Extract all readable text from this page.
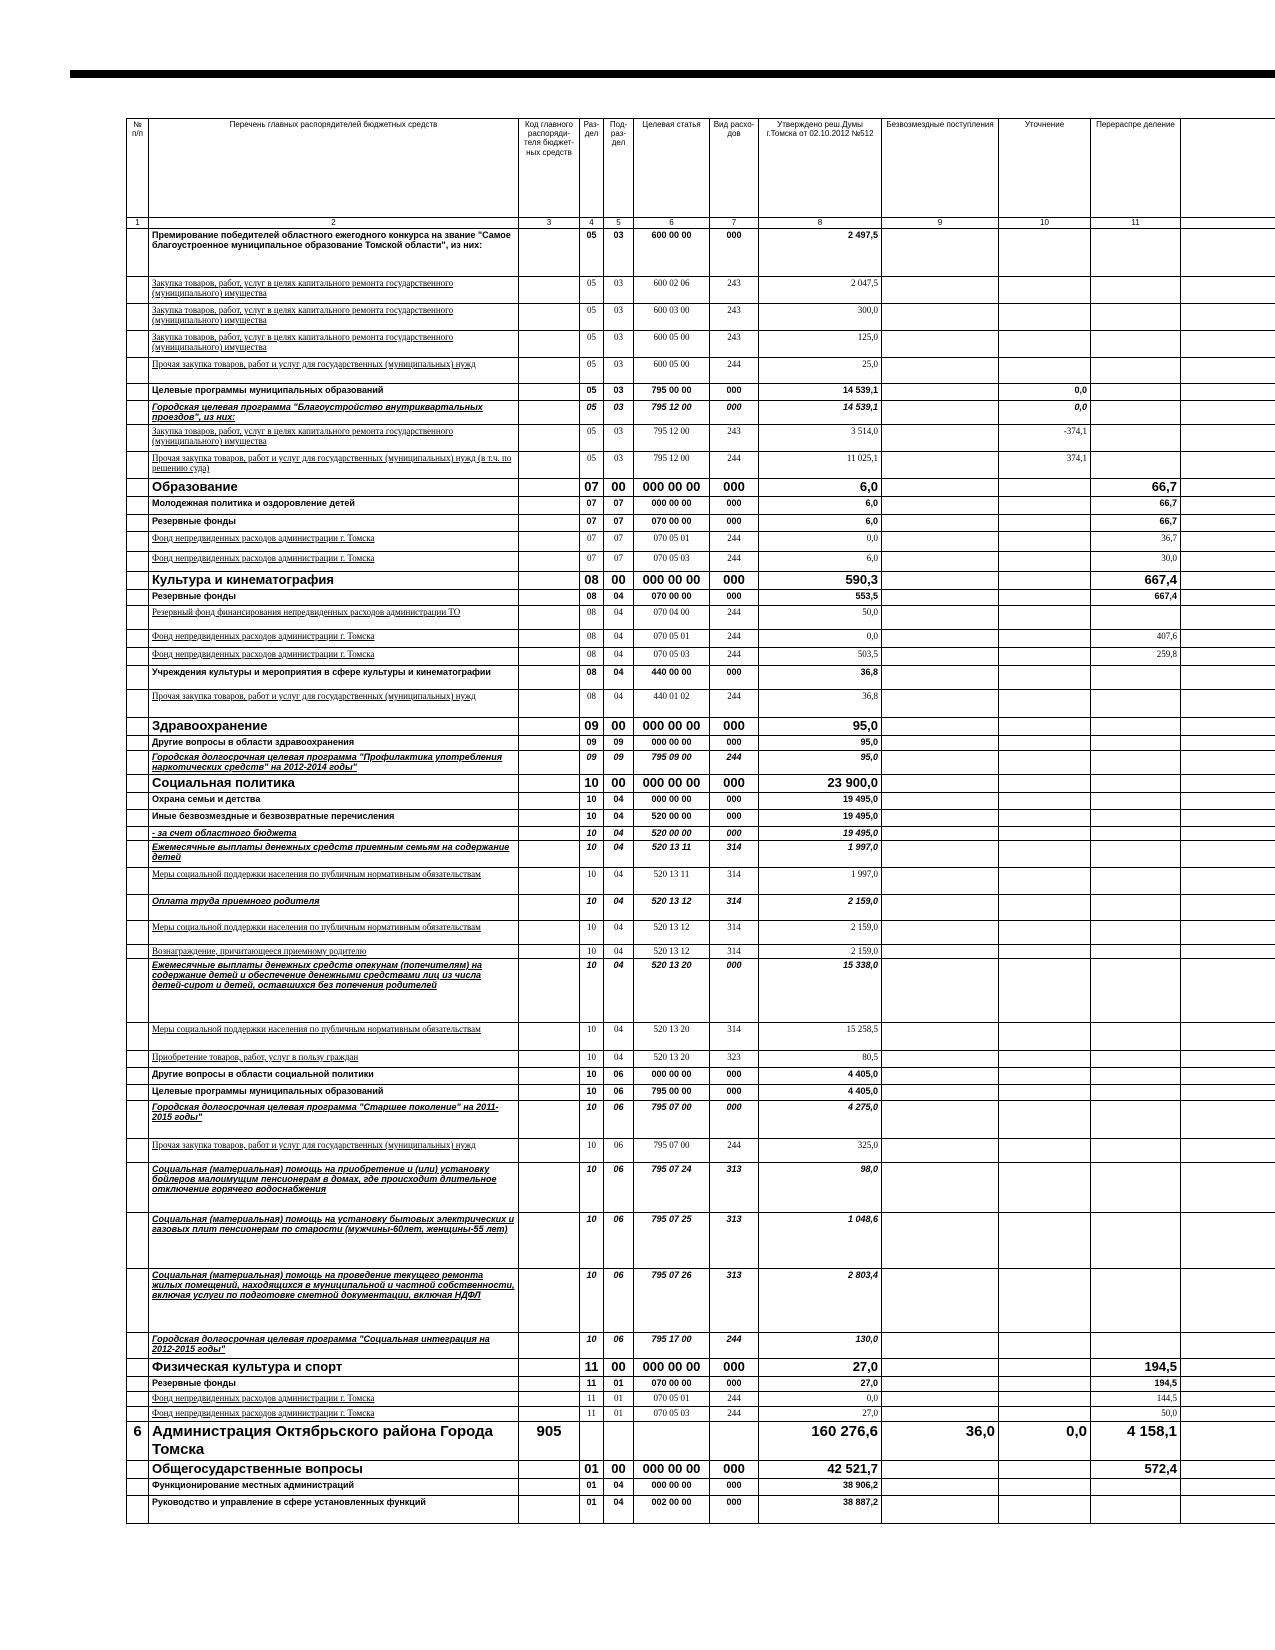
№ п/п	Перечень главных распорядителей бюджетных средств	Код главного распоряди-теля бюджет-ных средств	Раз-дел	Под-раз-дел	Целевая статья	Вид расхо-дов	Утверждено реш.Думы г.Томска от 02.10.2012 №512	Безвозмездные поступления	Уточнение	Перераспре деление	
1	2	3	4	5	6	7	8	9	10	11	
	Премирование победителей областного ежегодного конкурса на звание "Самое благоустроенное муниципальное образование Томской области", из них:		05	03	600 00 00	000	2 497,5				
	Закупка товаров, работ, услуг в целях капитального ремонта государственного (муниципального) имущества		05	03	600 02 06	243	2 047,5				
	Закупка товаров, работ, услуг в целях капитального ремонта государственного (муниципального) имущества		05	03	600 03 00	243	300,0				
	Закупка товаров, работ, услуг в целях капитального ремонта государственного (муниципального) имущества		05	03	600 05 00	243	125,0				
	Прочая закупка товаров, работ и услуг для государственных (муниципальных) нужд		05	03	600 05 00	244	25,0				
	Целевые программы муниципальных образований		05	03	795 00 00	000	14 539,1		0,0		
	Городская целевая программа "Благоустройство внутриквартальных проездов", из них:		05	03	795 12 00	000	14 539,1		0,0		
	Закупка товаров, работ, услуг в целях капитального ремонта государственного (муниципального) имущества		05	03	795 12 00	243	3 514,0		-374,1		
	Прочая закупка товаров, работ и услуг для государственных (муниципальных) нужд (в т.ч. по решению суда)		05	03	795 12 00	244	11 025,1		374,1		
	Образование		07	00	000 00 00	000	6,0			66,7	
	Молодежная политика и оздоровление детей		07	07	000 00 00	000	6,0			66,7	
	Резервные фонды		07	07	070 00 00	000	6,0			66,7	
	Фонд непредвиденных расходов администрации г. Томска		07	07	070 05 01	244	0,0			36,7	
	Фонд непредвиденных расходов администрации г. Томска		07	07	070 05 03	244	6,0			30,0	
	Культура и кинематография		08	00	000 00 00	000	590,3			667,4	
	Резервные фонды		08	04	070 00 00	000	553,5			667,4	
	Резервный фонд финансирования непредвиденных расходов администрации ТО		08	04	070 04 00	244	50,0				
	Фонд непредвиденных расходов администрации г. Томска		08	04	070 05 01	244	0,0			407,6	
	Фонд непредвиденных расходов администрации г. Томска		08	04	070 05 03	244	503,5			259,8	
	Учреждения культуры и мероприятия в сфере культуры и кинематографии		08	04	440 00 00	000	36,8				
	Прочая закупка товаров, работ и услуг для государственных (муниципальных) нужд		08	04	440 01 02	244	36,8				
	Здравоохранение		09	00	000 00 00	000	95,0				
	Другие вопросы в области здравоохранения		09	09	000 00 00	000	95,0				
	Городская долгосрочная целевая программа "Профилактика употребления наркотических средств" на 2012-2014 годы"		09	09	795 09 00	244	95,0				
	Социальная политика		10	00	000 00 00	000	23 900,0				
	Охрана семьи и детства		10	04	000 00 00	000	19 495,0				
	Иные безвозмездные и безвозвратные перечисления		10	04	520 00 00	000	19 495,0				
	- за счет областного бюджета		10	04	520 00 00	000	19 495,0				
	Ежемесячные выплаты денежных средств приемным семьям на содержание детей		10	04	520 13 11	314	1 997,0				
	Меры социальной поддержки населения по публичным нормативным обязательствам		10	04	520 13 11	314	1 997,0				
	Оплата труда приемного родителя		10	04	520 13 12	314	2 159,0				
	Меры социальной поддержки населения по публичным нормативным обязательствам		10	04	520 13 12	314	2 159,0				
	Вознаграждение, причитающееся приемному родителю		10	04	520 13 12	314	2 159,0				
	Ежемесячные выплаты денежных средств опекунам (попечителям) на содержание детей и обеспечение денежными средствами лиц из числа детей-сирот и детей, оставшихся без попечения родителей		10	04	520 13 20	000	15 338,0				
	Меры социальной поддержки населения по публичным нормативным обязательствам		10	04	520 13 20	314	15 258,5				
	Приобретение товаров, работ, услуг в пользу граждан		10	04	520 13 20	323	80,5				
	Другие вопросы в области социальной политики		10	06	000 00 00	000	4 405,0				
	Целевые программы муниципальных образований		10	06	795 00 00	000	4 405,0				
	Городская долгосрочная целевая программа "Старшее поколение" на 2011-2015 годы"		10	06	795 07 00	000	4 275,0				
	Прочая закупка товаров, работ и услуг для государственных (муниципальных) нужд		10	06	795 07 00	244	325,0				
	Социальная (материальная) помощь на приобретение и (или) установку бойлеров малоимущим пенсионерам в домах, где происходит длительное отключение горячего водоснабжения		10	06	795 07 24	313	98,0				
	Социальная (материальная) помощь на установку бытовых электрических и газовых плит пенсионерам по старости (мужчины-60лет, женщины-55 лет)		10	06	795 07 25	313	1 048,6				
	Социальная (материальная) помощь на проведение текущего ремонта жилых помещений, находящихся в муниципальной и частной собственности, включая услуги по подготовке сметной документации, включая НДФЛ		10	06	795 07 26	313	2 803,4				
	Городская долгосрочная целевая программа "Социальная интеграция на 2012-2015 годы"		10	06	795 17 00	244	130,0				
	Физическая культура и спорт		11	00	000 00 00	000	27,0			194,5	
	Резервные фонды		11	01	070 00 00	000	27,0			194,5	
	Фонд непредвиденных расходов администрации г. Томска		11	01	070 05 01	244	0,0			144,5	
	Фонд непредвиденных расходов администрации г. Томска		11	01	070 05 03	244	27,0			50,0	
6	Администрация Октябрьского района Города Томска	905					160 276,6	36,0	0,0	4 158,1	
	Общегосударственные вопросы		01	00	000 00 00	000	42 521,7			572,4	
	Функционирование местных администраций		01	04	000 00 00	000	38 906,2				
	Руководство и управление в сфере установленных функций		01	04	002 00 00	000	38 887,2				
